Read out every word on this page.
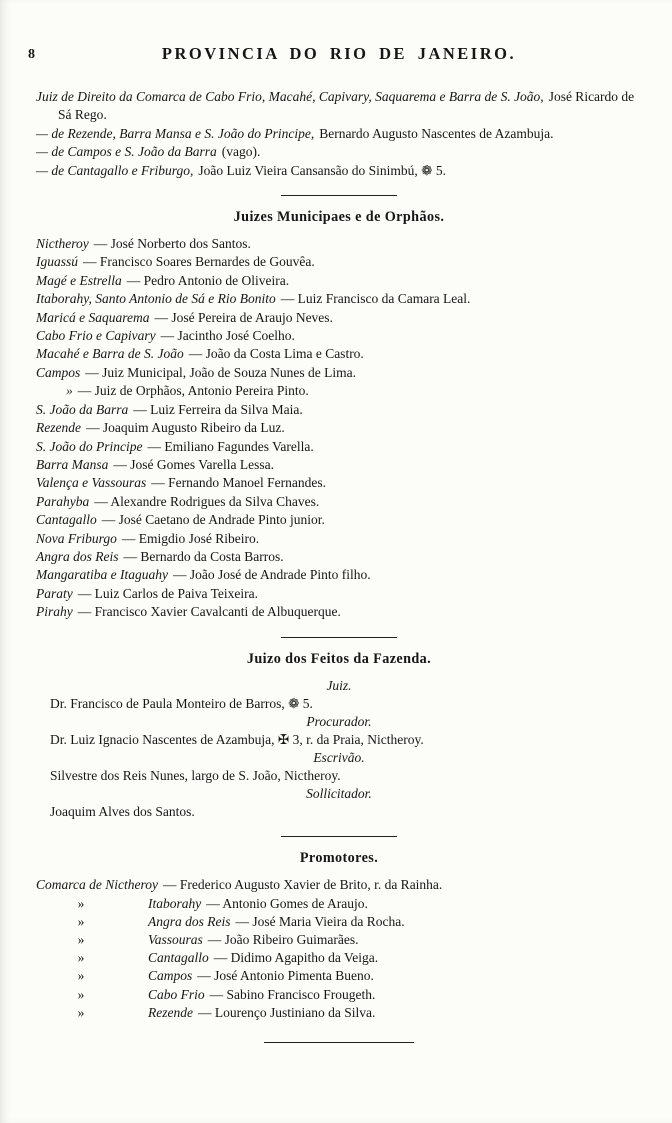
8	PROVINCIA DO RIO DE JANEIRO.

Juiz de Direito da Comarca de Cabo Frio, Macahé, Capivary, Saquarema e Barra de S. João, José Ricardo de Sá Rego.

— de Rezende, Barra Mansa e S. João do Principe, Bernardo Augusto Nascentes de Azambuja.

— de Campos e S. João da Barra (vago).

— de Cantagallo e Friburgo, João Luiz Vieira Cansansão do Sinimbú, ❁ 5.

Juizes Municipaes e de Orphãos.

Nictheroy — José Norberto dos Santos.

Iguassú — Francisco Soares Bernardes de Gouvêa.

Magé e Estrella — Pedro Antonio de Oliveira.

Itaborahy, Santo Antonio de Sá e Rio Bonito — Luiz Francisco da Camara Leal.

Maricá e Saquarema — José Pereira de Araujo Neves.

Cabo Frio e Capivary — Jacintho José Coelho.

Macahé e Barra de S. João — João da Costa Lima e Castro.

Campos — Juiz Municipal, João de Souza Nunes de Lima.

» — Juiz de Orphãos, Antonio Pereira Pinto.

S. João da Barra — Luiz Ferreira da Silva Maia.

Rezende — Joaquim Augusto Ribeiro da Luz.

S. João do Principe — Emiliano Fagundes Varella.

Barra Mansa — José Gomes Varella Lessa.

Valença e Vassouras — Fernando Manoel Fernandes.

Parahyba — Alexandre Rodrigues da Silva Chaves.

Cantagallo — José Caetano de Andrade Pinto junior.

Nova Friburgo — Emigdio José Ribeiro.

Angra dos Reis — Bernardo da Costa Barros.

Mangaratiba e Itaguahy — João José de Andrade Pinto filho.

Paraty — Luiz Carlos de Paiva Teixeira.

Pirahy — Francisco Xavier Cavalcanti de Albuquerque.

Juizo dos Feitos da Fazenda.

Juiz.

Dr. Francisco de Paula Monteiro de Barros, ❁ 5.

Procurador.

Dr. Luiz Ignacio Nascentes de Azambuja, ✠ 3, r. da Praia, Nictheroy.

Escrivão.

Silvestre dos Reis Nunes, largo de S. João, Nictheroy.

Sollicitador.

Joaquim Alves dos Santos.

Promotores.

Comarca de Nictheroy — Frederico Augusto Xavier de Brito, r. da Rainha.

»	Itaborahy — Antonio Gomes de Araujo.

»	Angra dos Reis — José Maria Vieira da Rocha.

»	Vassouras — João Ribeiro Guimarães.

»	Cantagallo — Didimo Agapitho da Veiga.

»	Campos — José Antonio Pimenta Bueno.

»	Cabo Frio — Sabino Francisco Frougeth.

»	Rezende — Lourenço Justiniano da Silva.
